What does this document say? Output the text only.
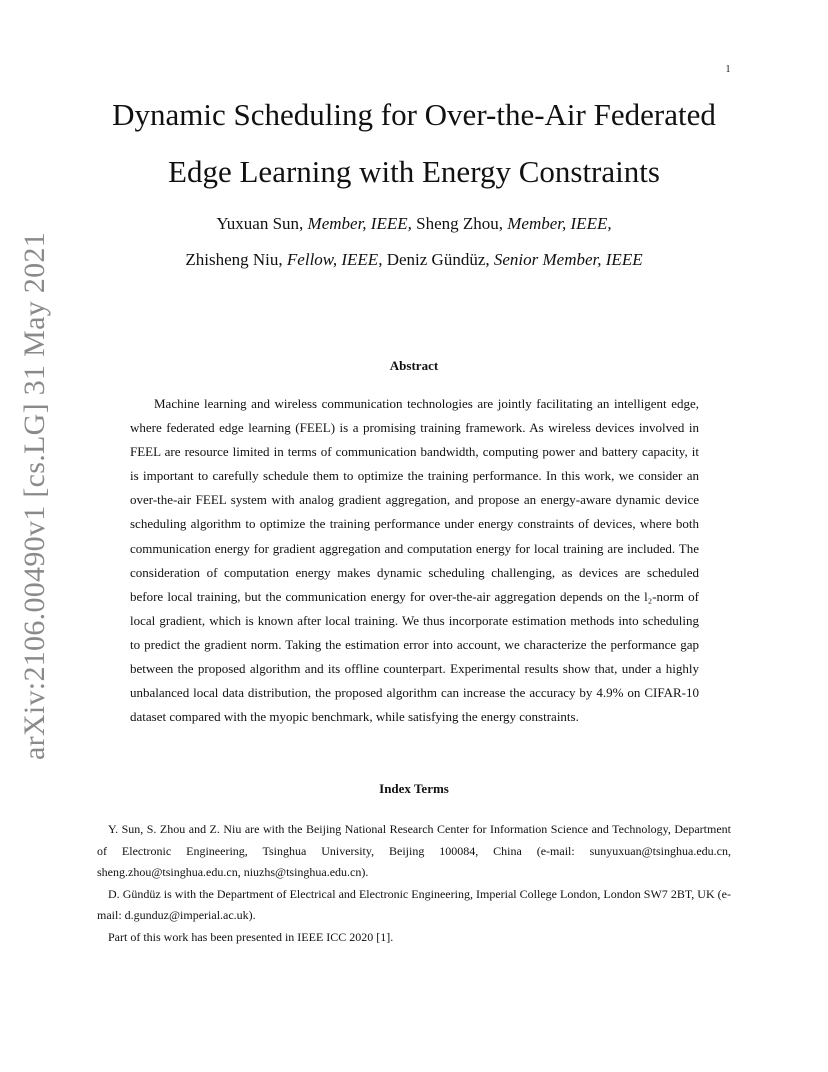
1
arXiv:2106.00490v1 [cs.LG] 31 May 2021
Dynamic Scheduling for Over-the-Air Federated Edge Learning with Energy Constraints
Yuxuan Sun, Member, IEEE, Sheng Zhou, Member, IEEE,
Zhisheng Niu, Fellow, IEEE, Deniz Gündüz, Senior Member, IEEE
Abstract

Machine learning and wireless communication technologies are jointly facilitating an intelligent edge, where federated edge learning (FEEL) is a promising training framework. As wireless devices involved in FEEL are resource limited in terms of communication bandwidth, computing power and battery capacity, it is important to carefully schedule them to optimize the training performance. In this work, we consider an over-the-air FEEL system with analog gradient aggregation, and propose an energy-aware dynamic device scheduling algorithm to optimize the training performance under energy constraints of devices, where both communication energy for gradient aggregation and computation energy for local training are included. The consideration of computation energy makes dynamic scheduling challenging, as devices are scheduled before local training, but the communication energy for over-the-air aggregation depends on the l₂-norm of local gradient, which is known after local training. We thus incorporate estimation methods into scheduling to predict the gradient norm. Taking the estimation error into account, we characterize the performance gap between the proposed algorithm and its offline counterpart. Experimental results show that, under a highly unbalanced local data distribution, the proposed algorithm can increase the accuracy by 4.9% on CIFAR-10 dataset compared with the myopic benchmark, while satisfying the energy constraints.

Index Terms

Y. Sun, S. Zhou and Z. Niu are with the Beijing National Research Center for Information Science and Technology, Department of Electronic Engineering, Tsinghua University, Beijing 100084, China (e-mail: sunyuxuan@tsinghua.edu.cn, sheng.zhou@tsinghua.edu.cn, niuzhs@tsinghua.edu.cn).

D. Gündüz is with the Department of Electrical and Electronic Engineering, Imperial College London, London SW7 2BT, UK (e-mail: d.gunduz@imperial.ac.uk).

Part of this work has been presented in IEEE ICC 2020 [1].
